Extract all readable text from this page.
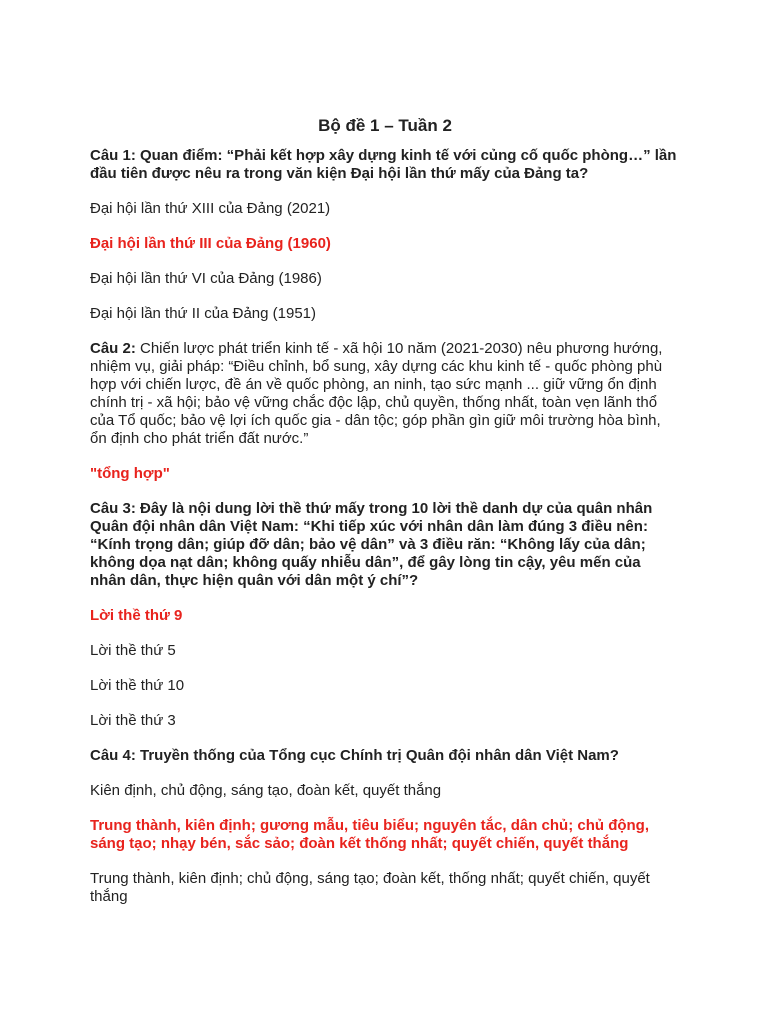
Bộ đề 1 – Tuần 2

Câu 1: Quan điểm: “Phải kết hợp xây dựng kinh tế với củng cố quốc phòng…” lần đầu tiên được nêu ra trong văn kiện Đại hội lần thứ mấy của Đảng ta?

Đại hội lần thứ XIII của Đảng (2021)

Đại hội lần thứ III của Đảng (1960)

Đại hội lần thứ VI của Đảng (1986)

Đại hội lần thứ II của Đảng (1951)

Câu 2: Chiến lược phát triển kinh tế - xã hội 10 năm (2021-2030) nêu phương hướng, nhiệm vụ, giải pháp: “Điều chỉnh, bổ sung, xây dựng các khu kinh tế - quốc phòng phù hợp với chiến lược, đề án về quốc phòng, an ninh, tạo sức mạnh ... giữ vững ổn định chính trị - xã hội; bảo vệ vững chắc độc lập, chủ quyền, thống nhất, toàn vẹn lãnh thổ của Tổ quốc; bảo vệ lợi ích quốc gia - dân tộc; góp phần gìn giữ môi trường hòa bình, ổn định cho phát triển đất nước.”

"tổng hợp"

Câu 3: Đây là nội dung lời thề thứ mấy trong 10 lời thề danh dự của quân nhân Quân đội nhân dân Việt Nam: “Khi tiếp xúc với nhân dân làm đúng 3 điều nên: “Kính trọng dân; giúp đỡ dân; bảo vệ dân” và 3 điều răn: “Không lấy của dân; không dọa nạt dân; không quấy nhiễu dân”, để gây lòng tin cậy, yêu mến của nhân dân, thực hiện quân với dân một ý chí”?

Lời thề thứ 9

Lời thề thứ 5

Lời thề thứ 10

Lời thề thứ 3

Câu 4: Truyền thống của Tổng cục Chính trị Quân đội nhân dân Việt Nam?

Kiên định, chủ động, sáng tạo, đoàn kết, quyết thắng

Trung thành, kiên định; gương mẫu, tiêu biểu; nguyên tắc, dân chủ; chủ động, sáng tạo; nhạy bén, sắc sảo; đoàn kết thống nhất; quyết chiến, quyết thắng

Trung thành, kiên định; chủ động, sáng tạo; đoàn kết, thống nhất; quyết chiến, quyết thắng
